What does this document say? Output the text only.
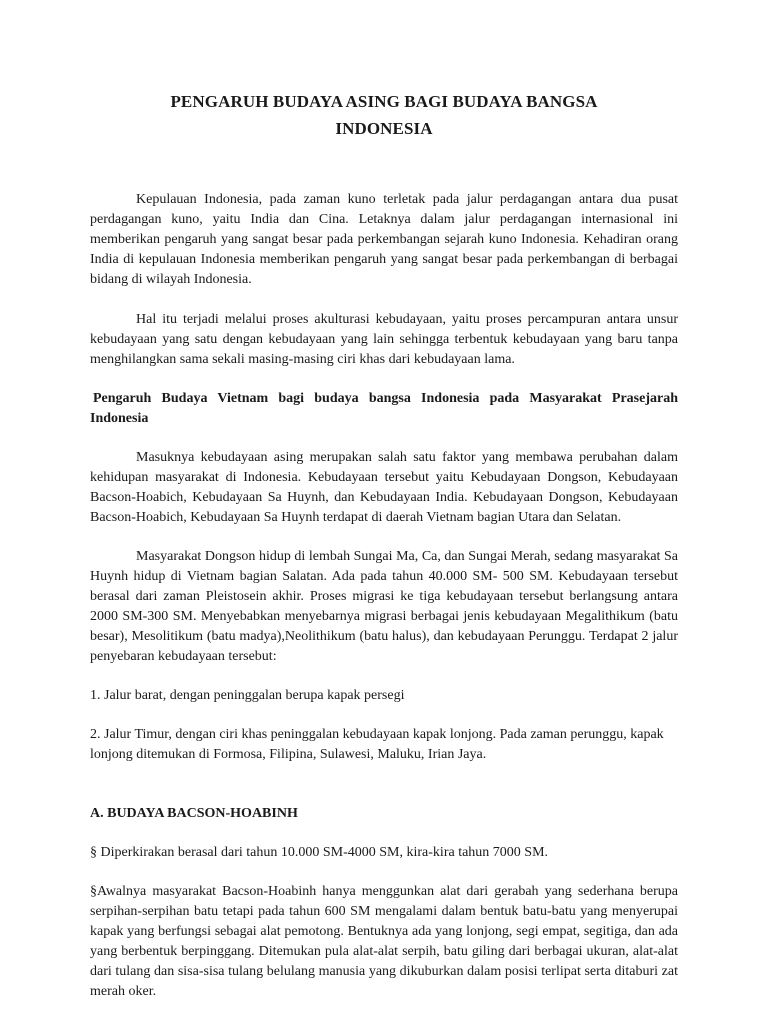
PENGARUH BUDAYA ASING BAGI BUDAYA BANGSA
INDONESIA

Kepulauan Indonesia, pada zaman kuno terletak pada jalur perdagangan antara dua pusat perdagangan kuno, yaitu India dan Cina. Letaknya dalam jalur perdagangan internasional ini memberikan pengaruh yang sangat besar pada perkembangan sejarah kuno Indonesia. Kehadiran orang India di kepulauan Indonesia memberikan pengaruh yang sangat besar pada perkembangan di berbagai bidang di wilayah Indonesia.

Hal itu terjadi melalui proses akulturasi kebudayaan, yaitu proses percampuran antara unsur kebudayaan yang satu dengan kebudayaan yang lain sehingga terbentuk kebudayaan yang baru tanpa menghilangkan sama sekali masing-masing ciri khas dari kebudayaan lama.

Pengaruh Budaya Vietnam bagi budaya bangsa Indonesia pada Masyarakat Prasejarah Indonesia

Masuknya kebudayaan asing merupakan salah satu faktor yang membawa perubahan dalam kehidupan masyarakat di Indonesia. Kebudayaan tersebut yaitu Kebudayaan Dongson, Kebudayaan Bacson-Hoabich, Kebudayaan Sa Huynh, dan Kebudayaan India. Kebudayaan Dongson, Kebudayaan Bacson-Hoabich, Kebudayaan Sa Huynh terdapat di daerah Vietnam bagian Utara dan Selatan.

Masyarakat Dongson hidup di lembah Sungai Ma, Ca, dan Sungai Merah, sedang masyarakat Sa Huynh hidup di Vietnam bagian Salatan. Ada pada tahun 40.000 SM- 500 SM. Kebudayaan tersebut berasal dari zaman Pleistosein akhir. Proses migrasi ke tiga kebudayaan tersebut berlangsung antara 2000 SM-300 SM. Menyebabkan menyebarnya migrasi berbagai jenis kebudayaan Megalithikum (batu besar), Mesolitikum (batu madya),Neolithikum (batu halus), dan kebudayaan Perunggu. Terdapat 2 jalur penyebaran kebudayaan tersebut:

1. Jalur barat, dengan peninggalan berupa kapak persegi

2. Jalur Timur, dengan ciri khas peninggalan kebudayaan kapak lonjong. Pada zaman perunggu, kapak lonjong ditemukan di Formosa, Filipina, Sulawesi, Maluku, Irian Jaya.

A. BUDAYA BACSON-HOABINH

§ Diperkirakan berasal dari tahun 10.000 SM-4000 SM, kira-kira tahun 7000 SM.

§Awalnya masyarakat Bacson-Hoabinh hanya menggunkan alat dari gerabah yang sederhana berupa serpihan-serpihan batu tetapi pada tahun 600 SM mengalami dalam bentuk batu-batu yang menyerupai kapak yang berfungsi sebagai alat pemotong. Bentuknya ada yang lonjong, segi empat, segitiga, dan ada yang berbentuk berpinggang. Ditemukan pula alat-alat serpih, batu giling dari berbagai ukuran, alat-alat dari tulang dan sisa-sisa tulang belulang manusia yang dikuburkan dalam posisi terlipat serta ditaburi zat merah oker.
